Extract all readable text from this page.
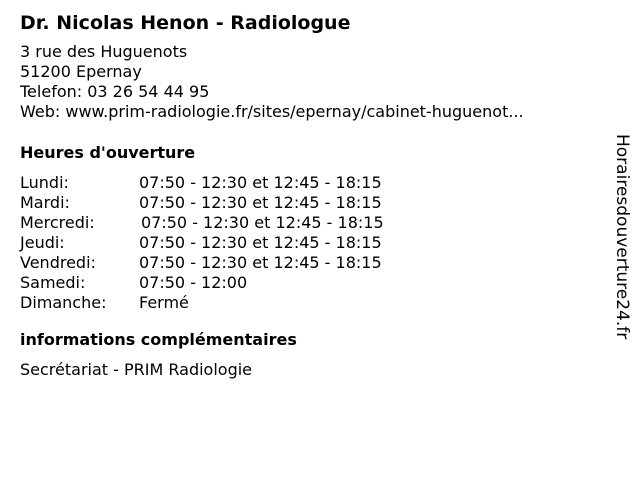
Dr. Nicolas Henon - Radiologue
3 rue des Huguenots
51200 Epernay
Telefon: 03 26 54 44 95
Web: www.prim-radiologie.fr/sites/epernay/cabinet-huguenot...
Heures d'ouverture
Lundi:	07:50 - 12:30 et 12:45 - 18:15
Mardi:	07:50 - 12:30 et 12:45 - 18:15
Mercredi:	07:50 - 12:30 et 12:45 - 18:15
Jeudi:	07:50 - 12:30 et 12:45 - 18:15
Vendredi:	07:50 - 12:30 et 12:45 - 18:15
Samedi:	07:50 - 12:00
Dimanche:	Fermé
informations complémentaires
Secrétariat - PRIM Radiologie
Horairesdouverture24.fr
